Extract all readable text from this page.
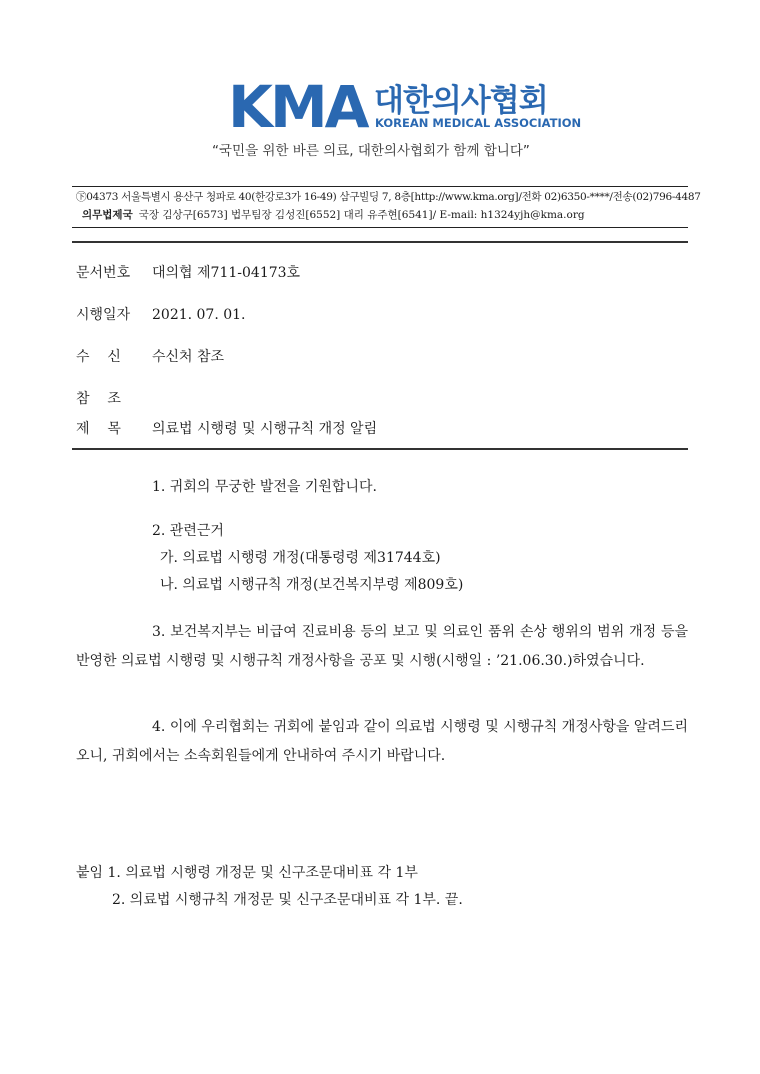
KMA 대한의사협회
KOREAN MEDICAL ASSOCIATION
“국민을 위한 바른 의료, 대한의사협회가 함께 합니다”
㊦04373 서울특별시 용산구 청파로 40(한강로3가 16-49) 삼구빌딩 7, 8층[http://www.kma.org]/전화 02)6350-****/전송(02)796-4487
의무법제국 국장 김상구[6573] 법무팀장 김성진[6552] 대리 유주현[6541]/ E-mail: h1324yjh@kma.org
문서번호 대의협 제711-04173호
시행일자 2021. 07. 01.
수    신 수신처 참조
참    조
제    목 의료법 시행령 및 시행규칙 개정 알림
1. 귀회의 무궁한 발전을 기원합니다.
2. 관련근거
가. 의료법 시행령 개정(대통령령 제31744호)
나. 의료법 시행규칙 개정(보건복지부령 제809호)
3. 보건복지부는 비급여 진료비용 등의 보고 및 의료인 품위 손상 행위의 범위 개정 등을 반영한 의료법 시행령 및 시행규칙 개정사항을 공포 및 시행(시행일 : ’21.06.30.)하였습니다.
4. 이에 우리협회는 귀회에 붙임과 같이 의료법 시행령 및 시행규칙 개정사항을 알려드리오니, 귀회에서는 소속회원들에게 안내하여 주시기 바랍니다.
붙임 1. 의료법 시행령 개정문 및 신구조문대비표 각 1부
2. 의료법 시행규칙 개정문 및 신구조문대비표 각 1부. 끝.
